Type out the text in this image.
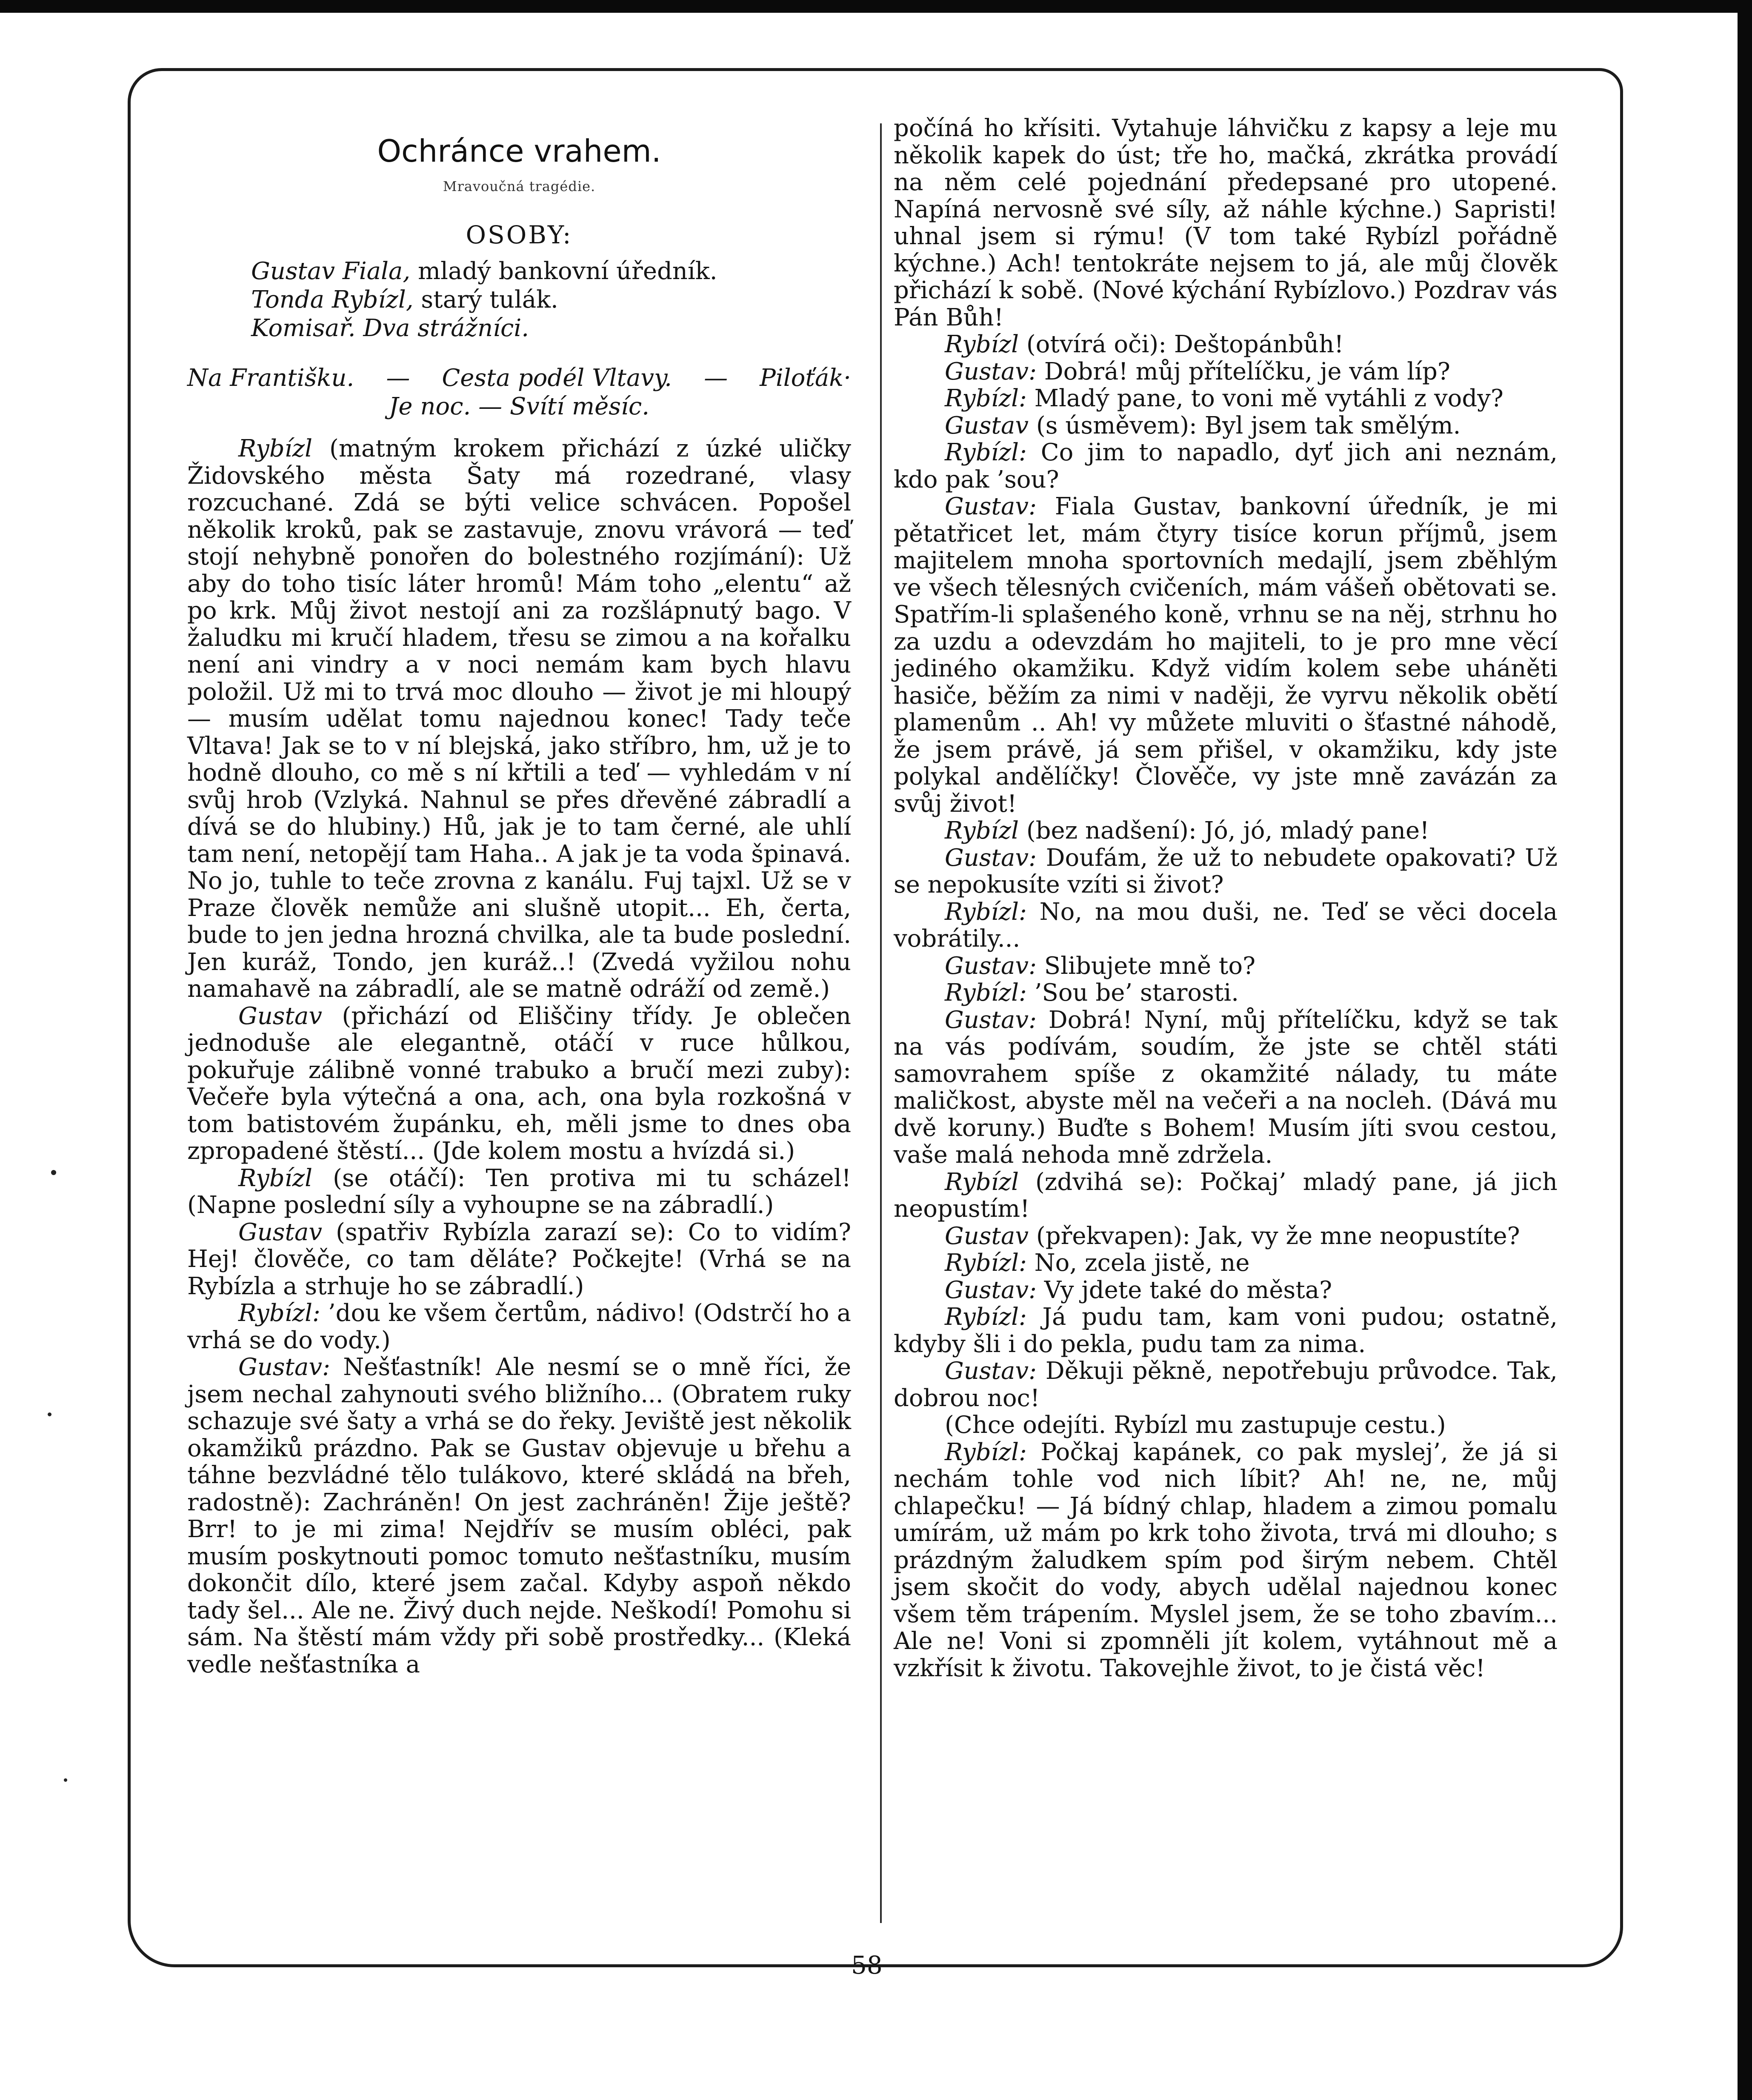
Ochránce vrahem.
Mravoučná tragédie.
OSOBY:
Gustav Fiala, mladý bankovní úředník.
Tonda Rybízl, starý tulák.
Komisař. Dva strážníci.
Na Františku. — Cesta podél Vltavy. — Piloťák·
Je noc. — Svítí měsíc.

Rybízl (matným krokem přichází z úzké uličky Židovského města Šaty má rozedrané, vlasy rozcuchané. Zdá se býti velice schvácen. Popošel několik kroků, pak se zastavuje, znovu vrávorá — teď stojí nehybně ponořen do bolestného rozjímání): Už aby do toho tisíc láter hromů! Mám toho „elentu“ až po krk. Můj život nestojí ani za rozšlápnutý bago. V žaludku mi kručí hladem, třesu se zimou a na kořalku není ani vindry a v noci nemám kam bych hlavu položil. Už mi to trvá moc dlouho — život je mi hloupý — musím udělat tomu najednou konec! Tady teče Vltava! Jak se to v ní blejská, jako stříbro, hm, už je to hodně dlouho, co mě s ní křtili a teď — vyhledám v ní svůj hrob (Vzlyká. Nahnul se přes dřevěné zábradlí a dívá se do hlubiny.) Hů, jak je to tam černé, ale uhlí tam není, netopějí tam Haha.. A jak je ta voda špinavá. No jo, tuhle to teče zrovna z kanálu. Fuj tajxl. Už se v Praze člověk nemůže ani slušně utopit... Eh, čerta, bude to jen jedna hrozná chvilka, ale ta bude poslední. Jen kuráž, Tondo, jen kuráž..! (Zvedá vyžilou nohu namahavě na zábradlí, ale se matně odráží od země.)

Gustav (přichází od Eliščiny třídy. Je oblečen jednoduše ale elegantně, otáčí v ruce hůlkou, pokuřuje zálibně vonné trabuko a bručí mezi zuby): Večeře byla výtečná a ona, ach, ona byla rozkošná v tom batistovém župánku, eh, měli jsme to dnes oba zpropadené štěstí... (Jde kolem mostu a hvízdá si.)

Rybízl (se otáčí): Ten protiva mi tu scházel! (Napne poslední síly a vyhoupne se na zábradlí.)

Gustav (spatřiv Rybízla zarazí se): Co to vidím? Hej! člověče, co tam děláte? Počkejte! (Vrhá se na Rybízla a strhuje ho se zábradlí.)

Rybízl: ’dou ke všem čertům, nádivo! (Odstrčí ho a vrhá se do vody.)

Gustav: Nešťastník! Ale nesmí se o mně říci, že jsem nechal zahynouti svého bližního... (Obratem ruky schazuje své šaty a vrhá se do řeky. Jeviště jest několik okamžiků prázdno. Pak se Gustav objevuje u břehu a táhne bezvládné tělo tulákovo, které skládá na břeh, radostně): Zachráněn! On jest zachráněn! Žije ještě? Brr! to je mi zima! Nejdřív se musím obléci, pak musím poskytnouti pomoc tomuto nešťastníku, musím dokončit dílo, které jsem začal. Kdyby aspoň někdo tady šel... Ale ne. Živý duch nejde. Neškodí! Pomohu si sám. Na štěstí mám vždy při sobě prostředky... (Kleká vedle nešťastníka a

počíná ho křísiti. Vytahuje láhvičku z kapsy a leje mu několik kapek do úst; tře ho, mačká, zkrátka provádí na něm celé pojednání předepsané pro utopené. Napíná nervosně své síly, až náhle kýchne.) Sapristi! uhnal jsem si rýmu! (V tom také Rybízl pořádně kýchne.) Ach! tentokráte nejsem to já, ale můj člověk přichází k sobě. (Nové kýchání Rybízlovo.) Pozdrav vás Pán Bůh!

Rybízl (otvírá oči): Deštopánbůh!

Gustav: Dobrá! můj přítelíčku, je vám líp?

Rybízl: Mladý pane, to voni mě vytáhli z vody?

Gustav (s úsměvem): Byl jsem tak smělým.

Rybízl: Co jim to napadlo, dyť jich ani neznám, kdo pak ’sou?

Gustav: Fiala Gustav, bankovní úředník, je mi pětatřicet let, mám čtyry tisíce korun příjmů, jsem majitelem mnoha sportovních medajlí, jsem zběhlým ve všech tělesných cvičeních, mám vášeň obětovati se. Spatřím-li splašeného koně, vrhnu se na něj, strhnu ho za uzdu a odevzdám ho majiteli, to je pro mne věcí jediného okamžiku. Když vidím kolem sebe uháněti hasiče, běžím za nimi v naději, že vyrvu několik obětí plamenům .. Ah! vy můžete mluviti o šťastné náhodě, že jsem právě, já sem přišel, v okamžiku, kdy jste polykal andělíčky! Člověče, vy jste mně zavázán za svůj život!

Rybízl (bez nadšení): Jó, jó, mladý pane!

Gustav: Doufám, že už to nebudete opakovati? Už se nepokusíte vzíti si život?

Rybízl: No, na mou duši, ne. Teď se věci docela vobrátily...

Gustav: Slibujete mně to?

Rybízl: ’Sou be’ starosti.

Gustav: Dobrá! Nyní, můj přítelíčku, když se tak na vás podívám, soudím, že jste se chtěl státi samovrahem spíše z okamžité nálady, tu máte maličkost, abyste měl na večeři a na nocleh. (Dává mu dvě koruny.) Buďte s Bohem! Musím jíti svou cestou, vaše malá nehoda mně zdržela.

Rybízl (zdvihá se): Počkaj’ mladý pane, já jich neopustím!

Gustav (překvapen): Jak, vy že mne neopustíte?

Rybízl: No, zcela jistě, ne

Gustav: Vy jdete také do města?

Rybízl: Já pudu tam, kam voni pudou; ostatně, kdyby šli i do pekla, pudu tam za nima.

Gustav: Děkuji pěkně, nepotřebuju průvodce. Tak, dobrou noc!

(Chce odejíti. Rybízl mu zastupuje cestu.)

Rybízl: Počkaj kapánek, co pak myslej’, že já si nechám tohle vod nich líbit? Ah! ne, ne, můj chlapečku! — Já bídný chlap, hladem a zimou pomalu umírám, už mám po krk toho života, trvá mi dlouho; s prázdným žaludkem spím pod širým nebem. Chtěl jsem skočit do vody, abych udělal najednou konec všem těm trápením. Myslel jsem, že se toho zbavím... Ale ne! Voni si zpomněli jít kolem, vytáhnout mě a vzkřísit k životu. Takovejhle život, to je čistá věc!

58
